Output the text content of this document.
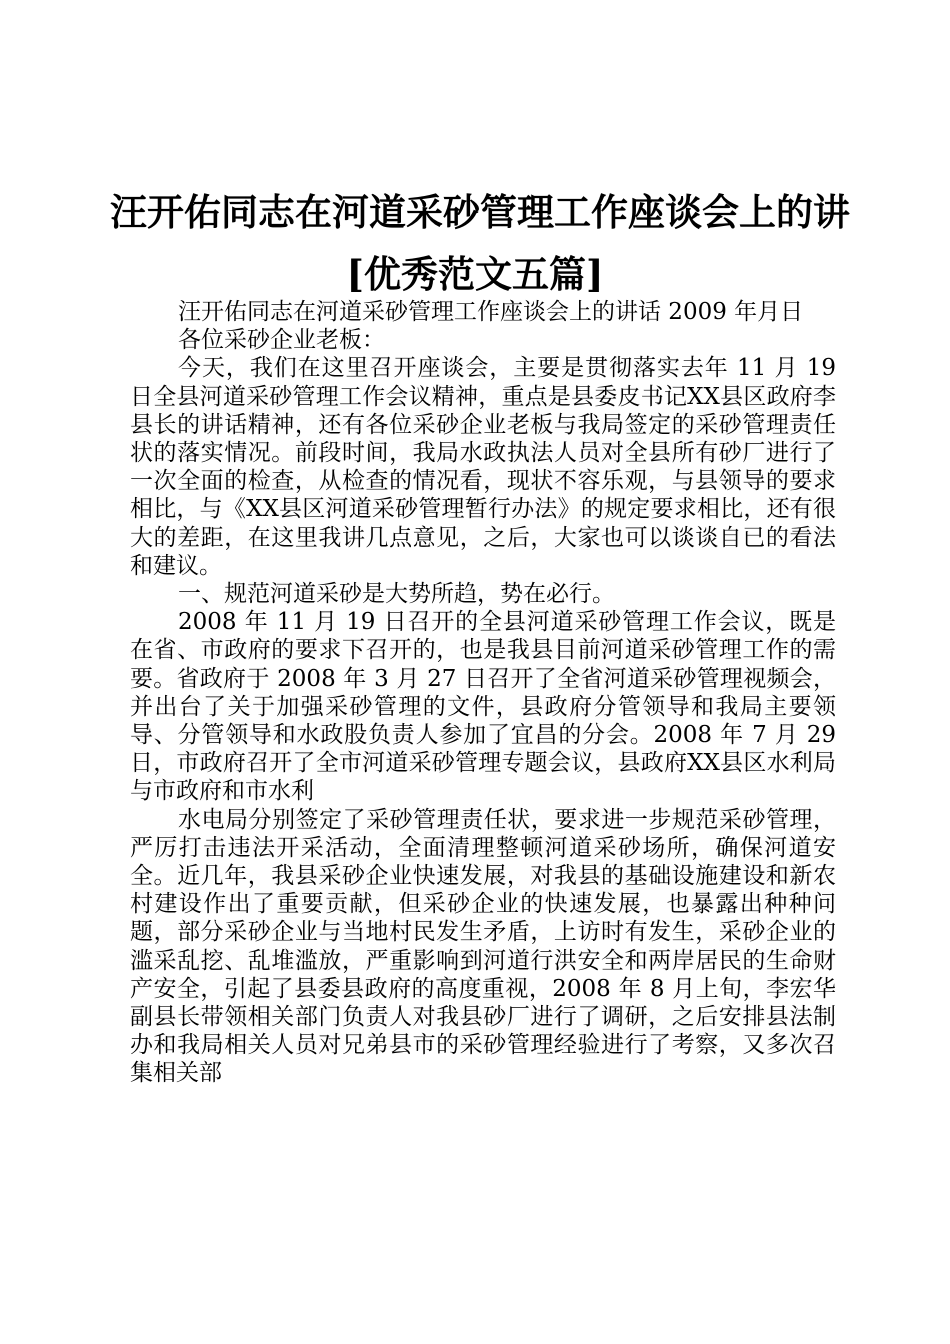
汪开佑同志在河道采砂管理工作座谈会上的讲
[优秀范文五篇]

汪开佑同志在河道采砂管理工作座谈会上的讲话 2009 年月日

各位采砂企业老板：

今天，我们在这里召开座谈会，主要是贯彻落实去年 11 月 19 日全县河道采砂管理工作会议精神，重点是县委皮书记XX县区政府李县长的讲话精神，还有各位采砂企业老板与我局签定的采砂管理责任状的落实情况。前段时间，我局水政执法人员对全县所有砂厂进行了一次全面的检查，从检查的情况看，现状不容乐观，与县领导的要求相比，与《XX县区河道采砂管理暂行办法》的规定要求相比，还有很大的差距，在这里我讲几点意见，之后，大家也可以谈谈自已的看法和建议。

一、规范河道采砂是大势所趋，势在必行。

2008 年 11 月 19 日召开的全县河道采砂管理工作会议，既是在省、市政府的要求下召开的，也是我县目前河道采砂管理工作的需要。省政府于 2008 年 3 月 27 日召开了全省河道采砂管理视频会，并出台了关于加强采砂管理的文件，县政府分管领导和我局主要领导、分管领导和水政股负责人参加了宜昌的分会。2008 年 7 月 29 日，市政府召开了全市河道采砂管理专题会议，县政府XX县区水利局与市政府和市水利

水电局分别签定了采砂管理责任状，要求进一步规范采砂管理，严厉打击违法开采活动，全面清理整顿河道采砂场所，确保河道安全。近几年，我县采砂企业快速发展，对我县的基础设施建设和新农村建设作出了重要贡献，但采砂企业的快速发展，也暴露出种种问题，部分采砂企业与当地村民发生矛盾，上访时有发生，采砂企业的滥采乱挖、乱堆滥放，严重影响到河道行洪安全和两岸居民的生命财产安全，引起了县委县政府的高度重视，2008 年 8 月上旬，李宏华副县长带领相关部门负责人对我县砂厂进行了调研，之后安排县法制办和我局相关人员对兄弟县市的采砂管理经验进行了考察，又多次召集相关部
